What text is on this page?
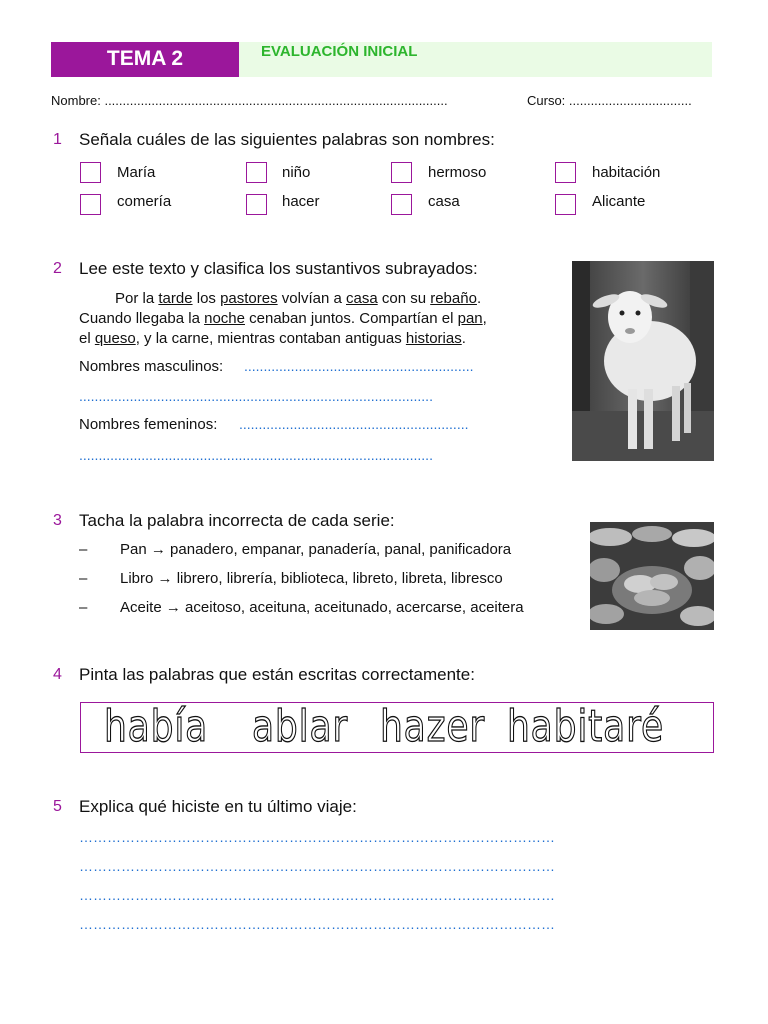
TEMA 2	EVALUACIÓN INICIAL
Nombre: ...............................................................................................	Curso: ..................................
1 Señala cuáles de las siguientes palabras son nombres:
María	niño	hermoso	habitación
comería	hacer	casa	Alicante
2 Lee este texto y clasifica los sustantivos subrayados:
Por la tarde los pastores volvían a casa con su rebaño.
Cuando llegaba la noche cenaban juntos. Compartían el pan,
el queso, y la carne, mientras contaban antiguas historias.
Nombres masculinos: ...........................................................
...........................................................................................
Nombres femeninos: ...........................................................
...........................................................................................
3 Tacha la palabra incorrecta de cada serie:
– Pan → panadero, empanar, panadería, panal, panificadora
– Libro → librero, librería, biblioteca, libreto, libreta, libresco
– Aceite → aceitoso, aceituna, aceitunado, acercarse, aceitera
4 Pinta las palabras que están escritas correctamente:
había ablar hazer habitaré
5 Explica qué hiciste en tu último viaje:
…………………………………………………………………………………………
…………………………………………………………………………………………
…………………………………………………………………………………………
…………………………………………………………………………………………
